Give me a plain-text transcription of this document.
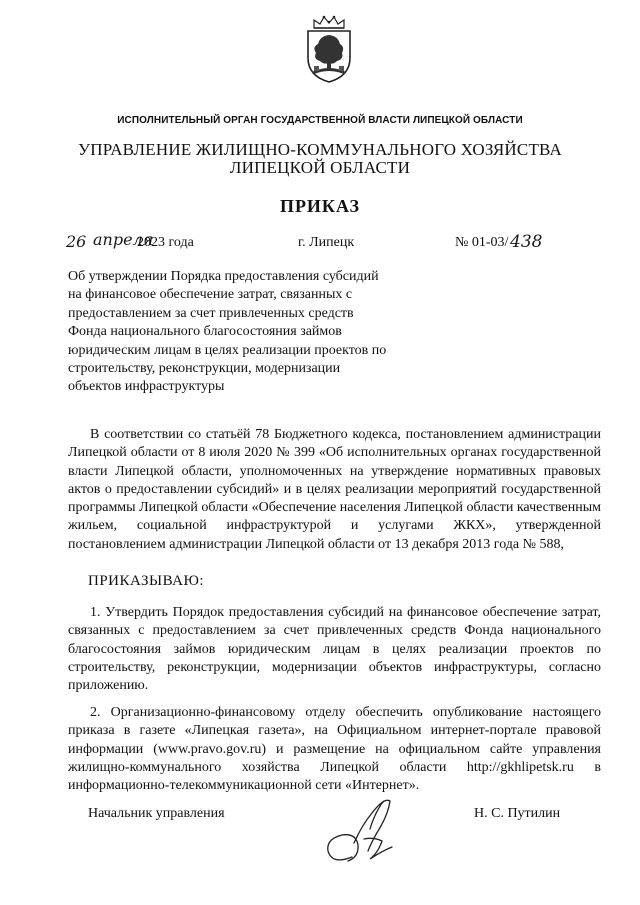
ИСПОЛНИТЕЛЬНЫЙ ОРГАН ГОСУДАРСТВЕННОЙ ВЛАСТИ ЛИПЕЦКОЙ ОБЛАСТИ
УПРАВЛЕНИЕ ЖИЛИЩНО-КОММУНАЛЬНОГО ХОЗЯЙСТВА
ЛИПЕЦКОЙ ОБЛАСТИ
ПРИКАЗ
26 апреля
2023 года	г. Липецк	№ 01-03/ 438
Об утверждении Порядка предоставления субсидий на финансовое обеспечение затрат, связанных с предоставлением за счет привлеченных средств Фонда национального благосостояния займов юридическим лицам в целях реализации проектов по строительству, реконструкции, модернизации объектов инфраструктуры
В соответствии со статьёй 78 Бюджетного кодекса, постановлением администрации Липецкой области от 8 июля 2020 № 399 «Об исполнительных органах государственной власти Липецкой области, уполномоченных на утверждение нормативных правовых актов о предоставлении субсидий» и в целях реализации мероприятий государственной программы Липецкой области «Обеспечение населения Липецкой области качественным жильем, социальной инфраструктурой и услугами ЖКХ», утвержденной постановлением администрации Липецкой области от 13 декабря 2013 года № 588,
ПРИКАЗЫВАЮ:
1. Утвердить Порядок предоставления субсидий на финансовое обеспечение затрат, связанных с предоставлением за счет привлеченных средств Фонда национального благосостояния займов юридическим лицам в целях реализации проектов по строительству, реконструкции, модернизации объектов инфраструктуры, согласно приложению.
2. Организационно-финансовому отделу обеспечить опубликование настоящего приказа в газете «Липецкая газета», на Официальном интернет-портале правовой информации (www.pravo.gov.ru) и размещение на официальном сайте управления жилищно-коммунального хозяйства Липецкой области http://gkhlipetsk.ru в информационно-телекоммуникационной сети «Интернет».
Начальник управления	Н. С. Путилин
